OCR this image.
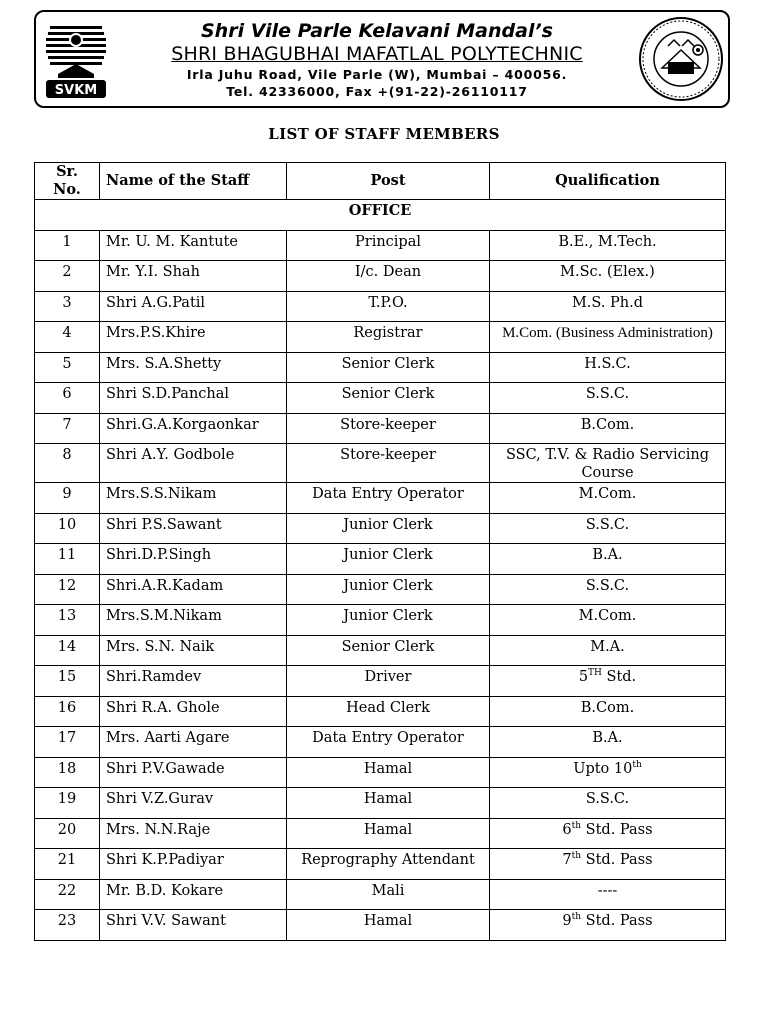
SVKM
Shri Vile Parle Kelavani Mandal’s
SHRI BHAGUBHAI MAFATLAL POLYTECHNIC
Irla Juhu Road, Vile Parle (W), Mumbai – 400056.
Tel. 42336000, Fax +(91-22)-26110117
LIST OF STAFF MEMBERS
Sr. No.	Name of the Staff	Post	Qualification
OFFICE			
1	Mr. U. M. Kantute	Principal	B.E., M.Tech.
2	Mr. Y.I. Shah	I/c. Dean	M.Sc. (Elex.)
3	Shri A.G.Patil	T.P.O.	M.S. Ph.d
4	Mrs.P.S.Khire	Registrar	M.Com. (Business Administration)
5	Mrs. S.A.Shetty	Senior Clerk	H.S.C.
6	Shri S.D.Panchal	Senior Clerk	S.S.C.
7	Shri.G.A.Korgaonkar	Store-keeper	B.Com.
8	Shri A.Y. Godbole	Store-keeper	SSC, T.V. & Radio Servicing Course
9	Mrs.S.S.Nikam	Data Entry Operator	M.Com.
10	Shri P.S.Sawant	Junior Clerk	S.S.C.
11	Shri.D.P.Singh	Junior Clerk	B.A.
12	Shri.A.R.Kadam	Junior Clerk	S.S.C.
13	Mrs.S.M.Nikam	Junior Clerk	M.Com.
14	Mrs. S.N. Naik	Senior Clerk	M.A.
15	Shri.Ramdev	Driver	5TH Std.
16	Shri R.A. Ghole	Head Clerk	B.Com.
17	Mrs. Aarti Agare	Data Entry Operator	B.A.
18	Shri P.V.Gawade	Hamal	Upto 10th
19	Shri V.Z.Gurav	Hamal	S.S.C.
20	Mrs. N.N.Raje	Hamal	6th Std. Pass
21	Shri K.P.Padiyar	Reprography Attendant	7th Std. Pass
22	Mr. B.D. Kokare	Mali	----
23	Shri V.V. Sawant	Hamal	9th Std. Pass
